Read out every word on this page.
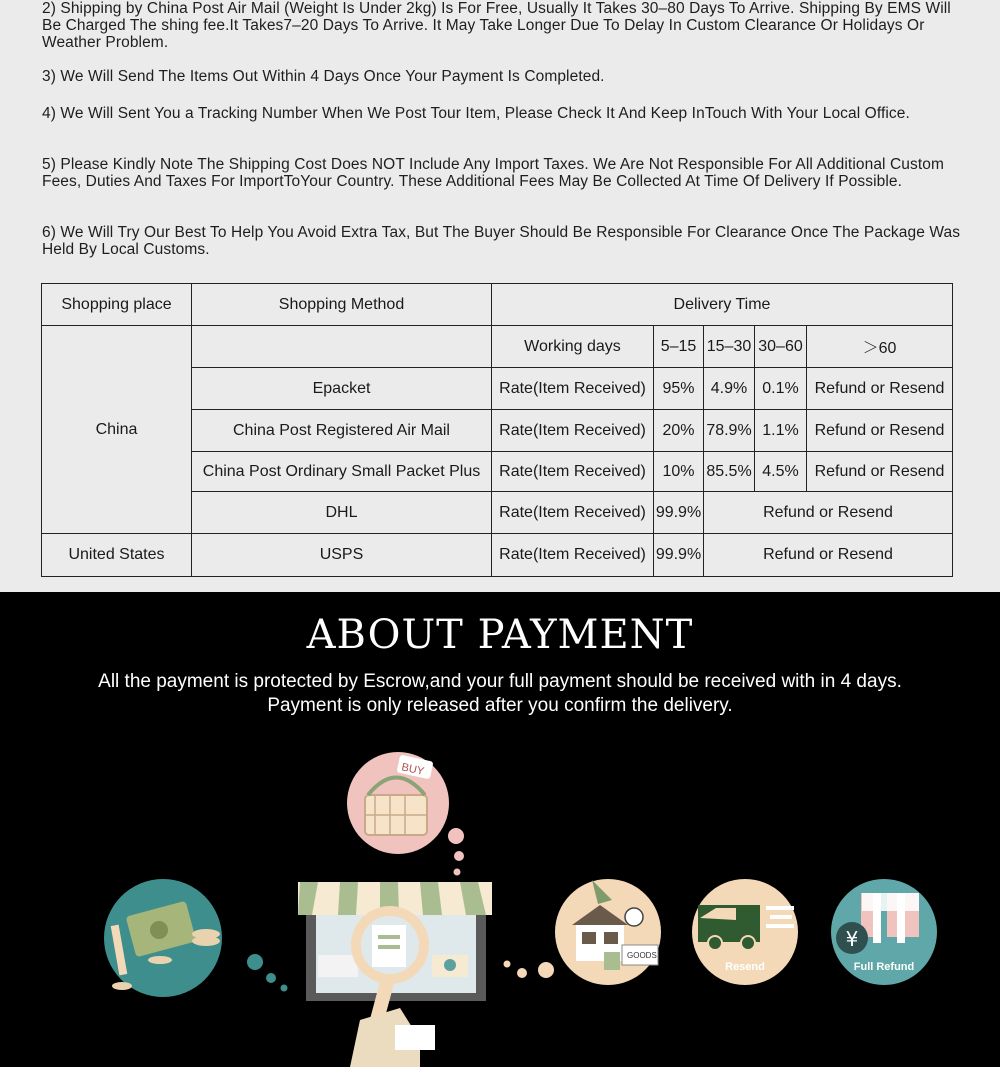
2) Shipping by China Post Air Mail (Weight Is Under 2kg) Is For Free, Usually It Takes 30–80 Days To Arrive. Shipping By EMS Will Be Charged The shing fee.It Takes7–20 Days To Arrive. It May Take Longer Due To Delay In Custom Clearance Or Holidays Or Weather Problem.
3) We Will Send The Items Out Within 4 Days Once Your Payment Is Completed.
4) We Will Sent You a Tracking Number When We Post Tour Item, Please Check It And Keep InTouch With Your Local Office.
5) Please Kindly Note The Shipping Cost Does NOT Include Any Import Taxes. We Are Not Responsible For All Additional Custom Fees, Duties And Taxes For ImportToYour Country. These Additional Fees May Be Collected At Time Of Delivery If Possible.
6) We Will Try Our Best To Help You Avoid Extra Tax, But The Buyer Should Be Responsible For Clearance Once The Package Was Held By Local Customs.
Shopping place	Shopping Method	Delivery Time				
China		Working days	5–15	15–30	30–60	＞60
	Epacket	Rate(Item Received)	95%	4.9%	0.1%	Refund or Resend
	China Post Registered Air Mail	Rate(Item Received)	20%	78.9%	1.1%	Refund or Resend
	China Post Ordinary Small Packet Plus	Rate(Item Received)	10%	85.5%	4.5%	Refund or Resend
	DHL	Rate(Item Received)	99.9%	Refund or Resend		
United States	USPS	Rate(Item Received)	99.9%	Refund or Resend		
ABOUT PAYMENT
All the payment is protected by Escrow,and your full payment should be received with in 4 days.
Payment is only released after you confirm the delivery.
BUY
GOODS
Resend
¥
Full Refund
